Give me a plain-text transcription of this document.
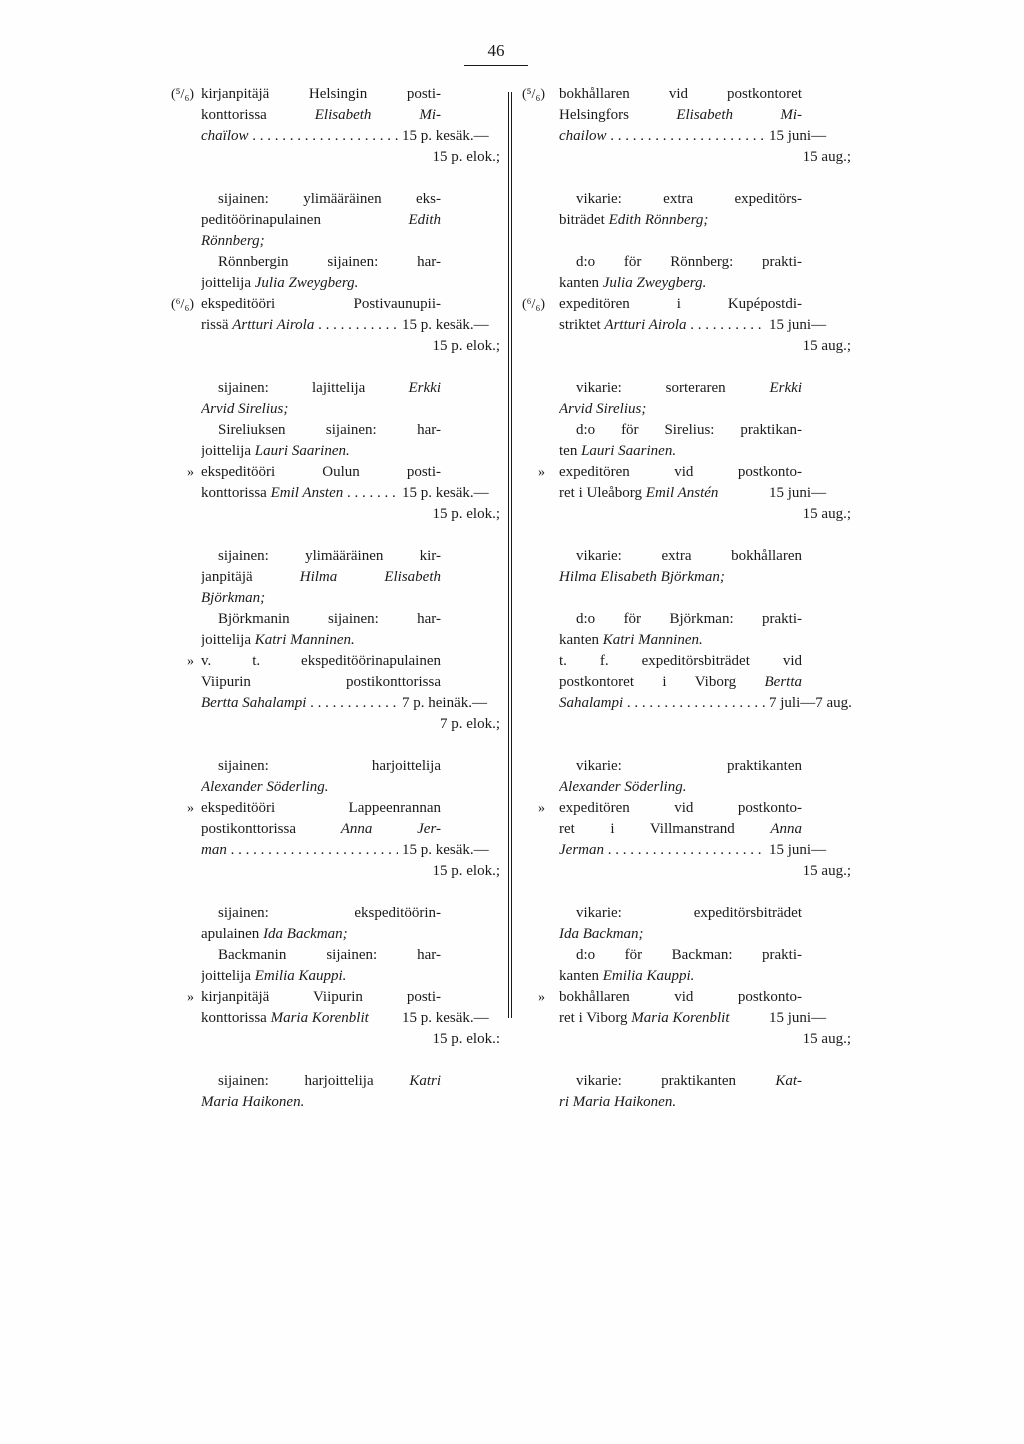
46
(⁵/₆) kirjanpitäjä Helsingin posti-
konttorissa Elisabeth Mi-
chaïlow . . .	15 p. kesäk.—
15 p. elok.;
sijainen: ylimääräinen eks-
peditöörinapulainen Edith
Rönnberg;
Rönnbergin sijainen: har-
joittelija Julia Zweygberg.
(⁶/₆) ekspeditööri Postivaunupii-
rissä Artturi Airola . . .	15 p. kesäk.—
15 p. elok.;
sijainen: lajittelija Erkki
Arvid Sirelius;
Sireliuksen sijainen: har-
joittelija Lauri Saarinen.
» ekspeditööri Oulun posti-
konttorissa Emil Ansten . . .	15 p. kesäk.—
15 p. elok.;
sijainen: ylimääräinen kir-
janpitäjä Hilma Elisabeth
Björkman;
Björkmanin sijainen: har-
joittelija Katri Manninen.
» v. t. ekspeditöörinapulainen
Viipurin postikonttorissa
Bertta Sahalampi . . .	7 p. heinäk.—
7 p. elok.;
sijainen: harjoittelija
Alexander Söderling.
» ekspeditööri Lappeenrannan
postikonttorissa Anna Jer-
man . . .	15 p. kesäk.—
15 p. elok.;
sijainen: ekspeditöörin-
apulainen Ida Backman;
Backmanin sijainen: har-
joittelija Emilia Kauppi.
» kirjanpitäjä Viipurin posti-
konttorissa Maria Korenblit	15 p. kesäk.—
15 p. elok.:
sijainen: harjoittelija Katri
Maria Haikonen.
(⁵/₆) bokhållaren vid postkontoret
Helsingfors Elisabeth Mi-
chailow . . .	15 juni—
15 aug.;
vikarie: extra expeditörs-
biträdet Edith Rönnberg;
d:o för Rönnberg: prakti-
kanten Julia Zweygberg.
(⁶/₆) expeditören i Kupépostdi-
striktet Artturi Airola . . .	15 juni—
15 aug.;
vikarie: sorteraren Erkki
Arvid Sirelius;
d:o för Sirelius: praktikan-
ten Lauri Saarinen.
» expeditören vid postkonto-
ret i Uleåborg Emil Anstén	15 juni—
15 aug.;
vikarie: extra bokhållaren
Hilma Elisabeth Björkman;
d:o för Björkman: prakti-
kanten Katri Manninen.
t. f. expeditörsbiträdet vid
postkontoret i Viborg Bertta
Sahalampi . . .	7 juli—7 aug.
vikarie: praktikanten
Alexander Söderling.
» expeditören vid postkonto-
ret i Villmanstrand Anna
Jerman . . .	15 juni—
15 aug.;
vikarie: expeditörsbiträdet
Ida Backman;
d:o för Backman: prakti-
kanten Emilia Kauppi.
» bokhållaren vid postkonto-
ret i Viborg Maria Korenblit	15 juni—
15 aug.;
vikarie: praktikanten Kat-
ri Maria Haikonen.
